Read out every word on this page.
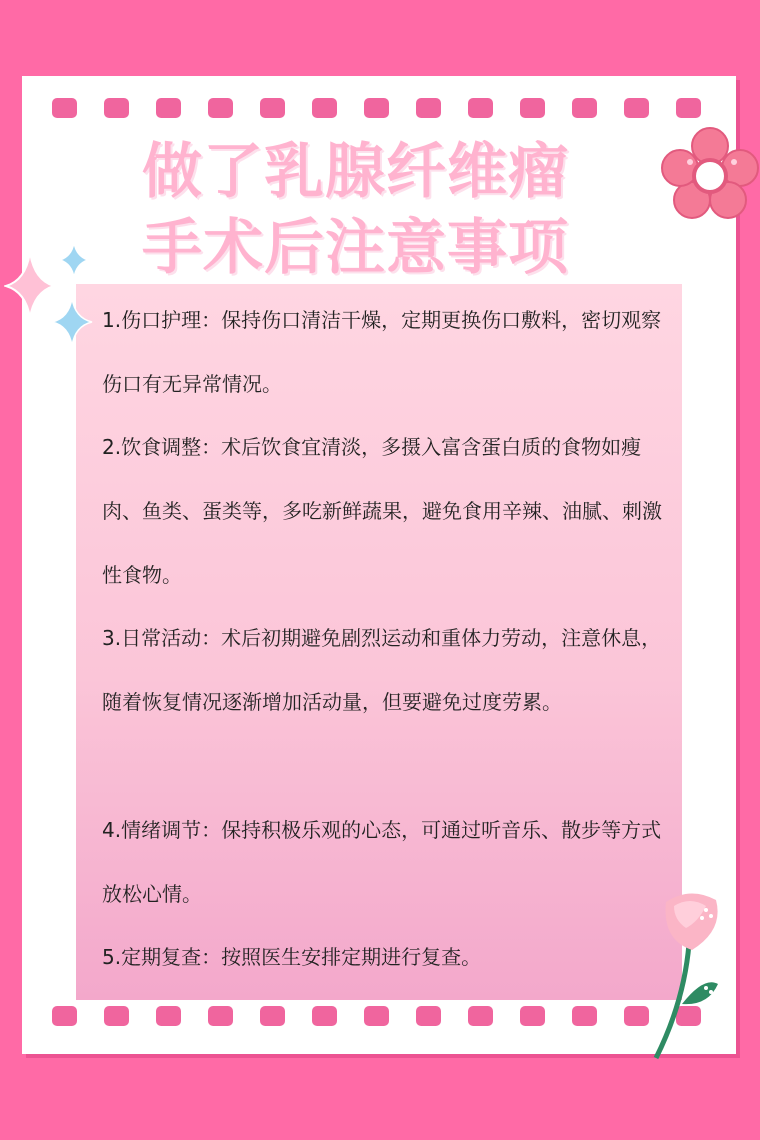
做了乳腺纤维瘤
手术后注意事项

1.伤口护理：保持伤口清洁干燥，定期更换伤口敷料，密切观察伤口有无异常情况。

2.饮食调整：术后饮食宜清淡，多摄入富含蛋白质的食物如瘦肉、鱼类、蛋类等，多吃新鲜蔬果，避免食用辛辣、油腻、刺激性食物。

3.日常活动：术后初期避免剧烈运动和重体力劳动，注意休息，随着恢复情况逐渐增加活动量，但要避免过度劳累。

4.情绪调节：保持积极乐观的心态，可通过听音乐、散步等方式放松心情。

5.定期复查：按照医生安排定期进行复查。
